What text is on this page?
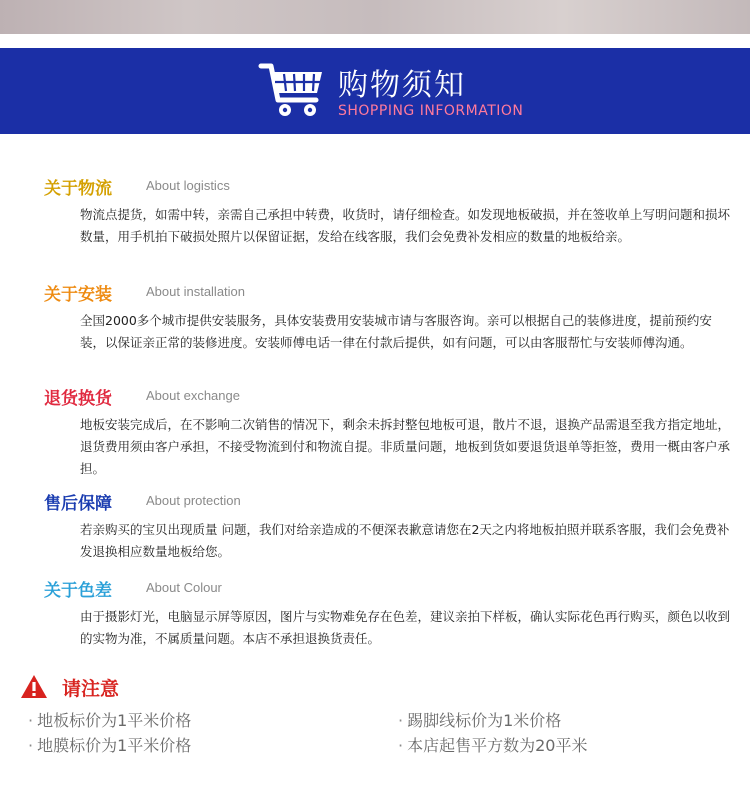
购物须知
SHOPPING INFORMATION
关于物流	About logistics
物流点提货，如需中转，亲需自己承担中转费，收货时，请仔细检查。如发现地板破损，并在签收单上写明问题和损坏数量，用手机拍下破损处照片以保留证据，发给在线客服，我们会免费补发相应的数量的地板给亲。
关于安装	About installation
全国2000多个城市提供安装服务，具体安装费用安装城市请与客服咨询。亲可以根据自己的装修进度，提前预约安装，以保证亲正常的装修进度。安装师傅电话一律在付款后提供，如有问题，可以由客服帮忙与安装师傅沟通。
退货换货	About exchange
地板安装完成后，在不影响二次销售的情况下，剩余未拆封整包地板可退，散片不退，退换产品需退至我方指定地址，退货费用须由客户承担，不接受物流到付和物流自提。非质量问题，地板到货如要退货退单等拒签，费用一概由客户承担。
售后保障	About protection
若亲购买的宝贝出现质量 问题，我们对给亲造成的不便深表歉意请您在2天之内将地板拍照并联系客服，我们会免费补发退换相应数量地板给您。
关于色差	About Colour
由于摄影灯光，电脑显示屏等原因，图片与实物难免存在色差，建议亲拍下样板，确认实际花色再行购买，颜色以收到的实物为准，不属质量问题。本店不承担退换货责任。
请注意
· 地板标价为1平米价格	· 踢脚线标价为1米价格
· 地膜标价为1平米价格	· 本店起售平方数为20平米
